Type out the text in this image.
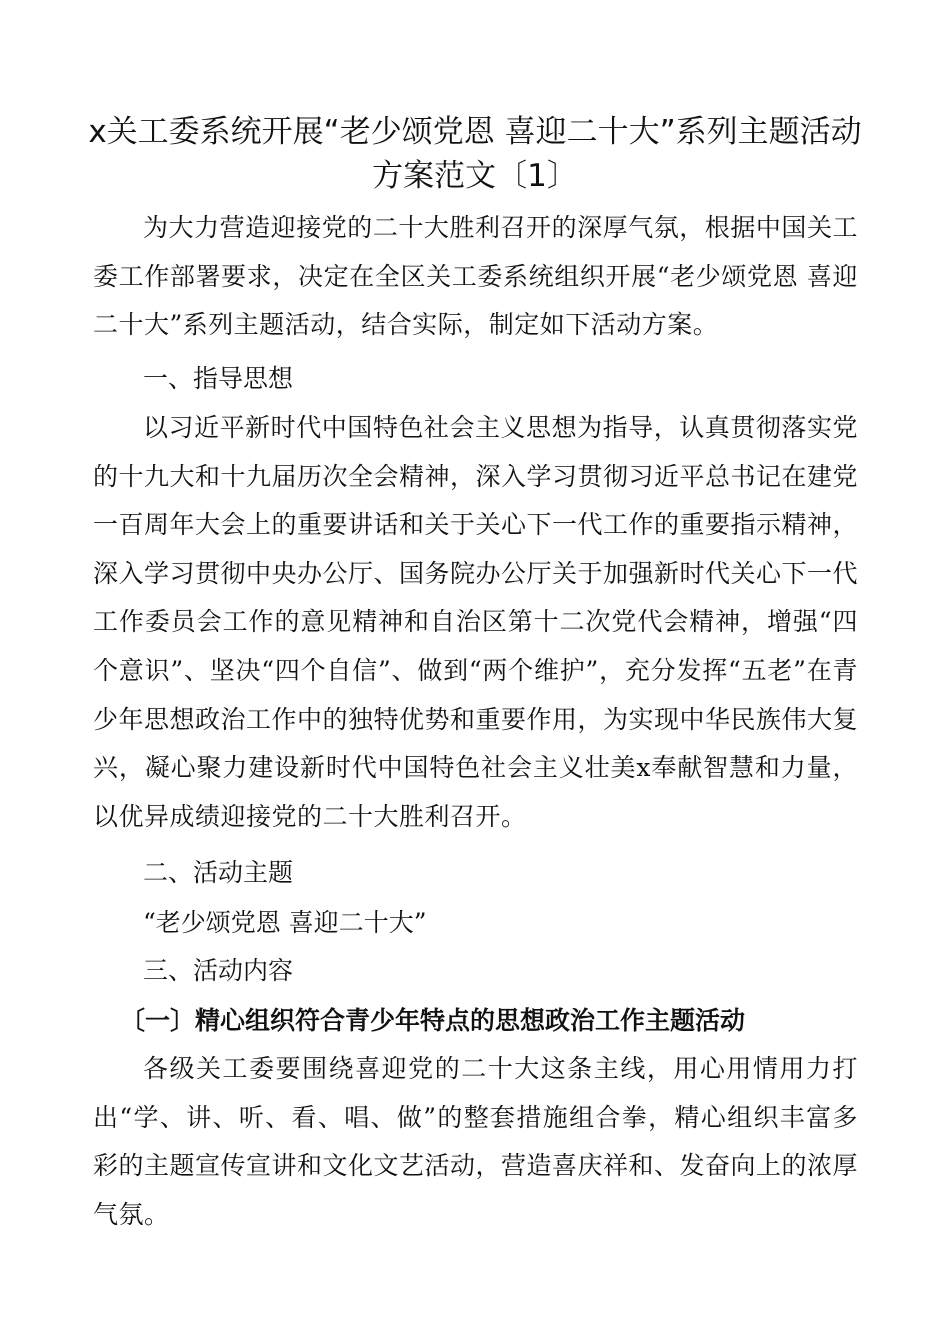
x关工委系统开展“老少颂党恩 喜迎二十大”系列主题活动方案范文〔1〕

为大力营造迎接党的二十大胜利召开的深厚气氛，根据中国关工委工作部署要求，决定在全区关工委系统组织开展“老少颂党恩 喜迎二十大”系列主题活动，结合实际，制定如下活动方案。

一、指导思想

以习近平新时代中国特色社会主义思想为指导，认真贯彻落实党的十九大和十九届历次全会精神，深入学习贯彻习近平总书记在建党一百周年大会上的重要讲话和关于关心下一代工作的重要指示精神，深入学习贯彻中央办公厅、国务院办公厅关于加强新时代关心下一代工作委员会工作的意见精神和自治区第十二次党代会精神，增强“四个意识”、坚决“四个自信”、做到“两个维护”，充分发挥“五老”在青少年思想政治工作中的独特优势和重要作用，为实现中华民族伟大复兴，凝心聚力建设新时代中国特色社会主义壮美x奉献智慧和力量，以优异成绩迎接党的二十大胜利召开。

二、活动主题

“老少颂党恩 喜迎二十大”

三、活动内容
〔一〕精心组织符合青少年特点的思想政治工作主题活动

各级关工委要围绕喜迎党的二十大这条主线，用心用情用力打出“学、讲、听、看、唱、做”的整套措施组合拳，精心组织丰富多彩的主题宣传宣讲和文化文艺活动，营造喜庆祥和、发奋向上的浓厚气氛。
